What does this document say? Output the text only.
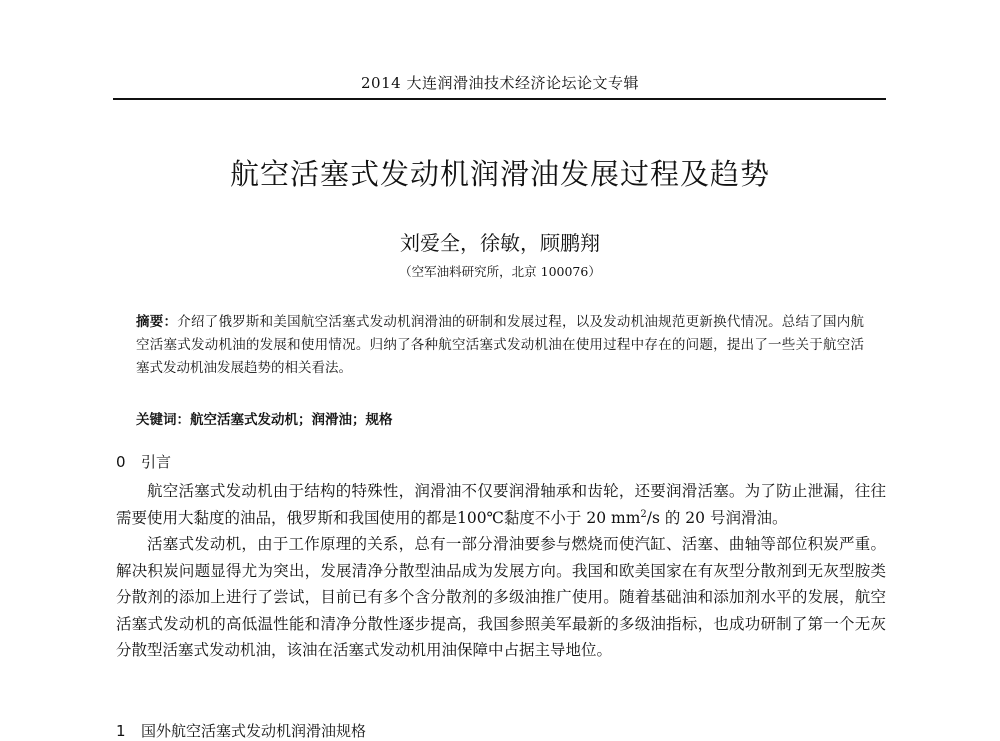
2014 大连润滑油技术经济论坛论文专辑
航空活塞式发动机润滑油发展过程及趋势
刘爱全，徐敏，顾鹏翔
（空军油料研究所，北京 100076）
摘要：介绍了俄罗斯和美国航空活塞式发动机润滑油的研制和发展过程，以及发动机油规范更新换代情况。总结了国内航空活塞式发动机油的发展和使用情况。归纳了各种航空活塞式发动机油在使用过程中存在的问题，提出了一些关于航空活塞式发动机油发展趋势的相关看法。
关键词：航空活塞式发动机；润滑油；规格
0 引言

航空活塞式发动机由于结构的特殊性，润滑油不仅要润滑轴承和齿轮，还要润滑活塞。为了防止泄漏，往往需要使用大黏度的油品，俄罗斯和我国使用的都是100℃黏度不小于 20 $mm^2/s$ 的 20 号润滑油。

活塞式发动机，由于工作原理的关系，总有一部分滑油要参与燃烧而使汽缸、活塞、曲轴等部位积炭严重。解决积炭问题显得尤为突出，发展清净分散型油品成为发展方向。我国和欧美国家在有灰型分散剂到无灰型胺类分散剂的添加上进行了尝试，目前已有多个含分散剂的多级油推广使用。随着基础油和添加剂水平的发展，航空活塞式发动机的高低温性能和清净分散性逐步提高，我国参照美军最新的多级油指标，也成功研制了第一个无灰分散型活塞式发动机油，该油在活塞式发动机用油保障中占据主导地位。

1 国外航空活塞式发动机润滑油规格
